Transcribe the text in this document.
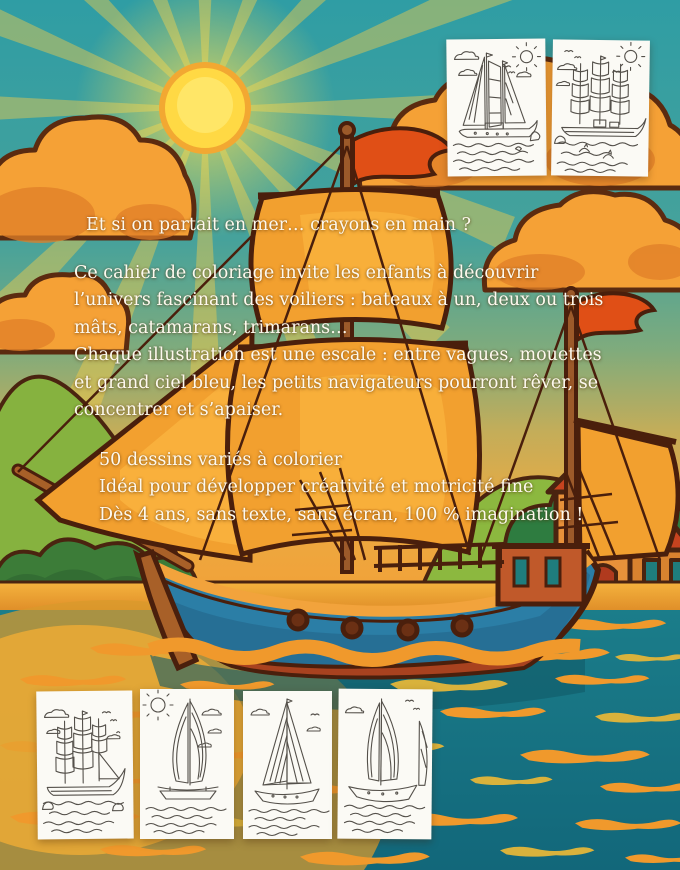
Et si on partait en mer… crayons en main ?
Ce cahier de coloriage invite les enfants à découvrir
l’univers fascinant des voiliers : bateaux à un, deux ou trois
mâts, catamarans, trimarans…
Chaque illustration est une escale : entre vagues, mouettes
et grand ciel bleu, les petits navigateurs pourront rêver, se
concentrer et s’apaiser.
50 dessins variés à colorier
Idéal pour développer créativité et motricité fine
Dès 4 ans, sans texte, sans écran, 100 % imagination !
